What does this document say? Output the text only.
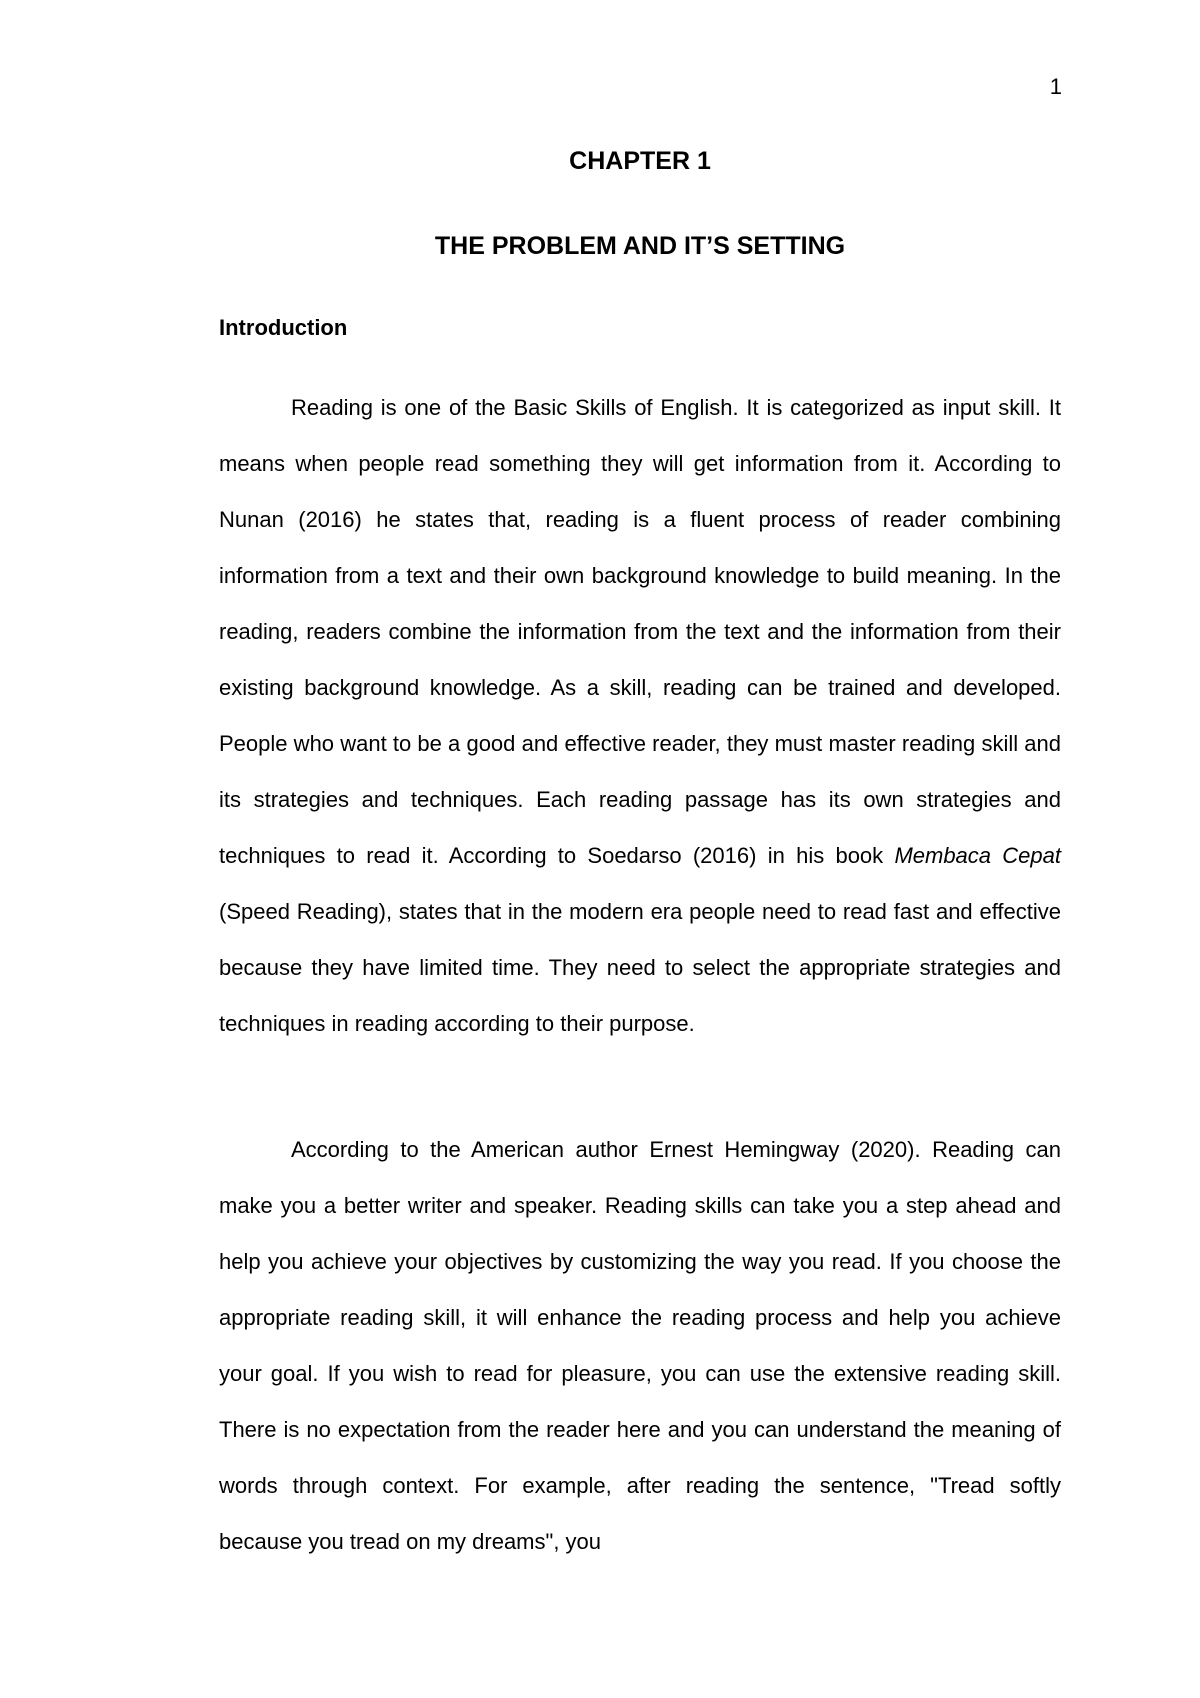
1
CHAPTER 1
THE PROBLEM AND IT’S SETTING
Introduction

Reading is one of the Basic Skills of English. It is categorized as input skill. It means when people read something they will get information from it. According to Nunan (2016) he states that, reading is a fluent process of reader combining information from a text and their own background knowledge to build meaning. In the reading, readers combine the information from the text and the information from their existing background knowledge. As a skill, reading can be trained and developed. People who want to be a good and effective reader, they must master reading skill and its strategies and techniques. Each reading passage has its own strategies and techniques to read it. According to Soedarso (2016) in his book Membaca Cepat (Speed Reading), states that in the modern era people need to read fast and effective because they have limited time. They need to select the appropriate strategies and techniques in reading according to their purpose.

According to the American author Ernest Hemingway (2020). Reading can make you a better writer and speaker. Reading skills can take you a step ahead and help you achieve your objectives by customizing the way you read. If you choose the appropriate reading skill, it will enhance the reading process and help you achieve your goal. If you wish to read for pleasure, you can use the extensive reading skill. There is no expectation from the reader here and you can understand the meaning of words through context. For example, after reading the sentence, "Tread softly because you tread on my dreams", you
